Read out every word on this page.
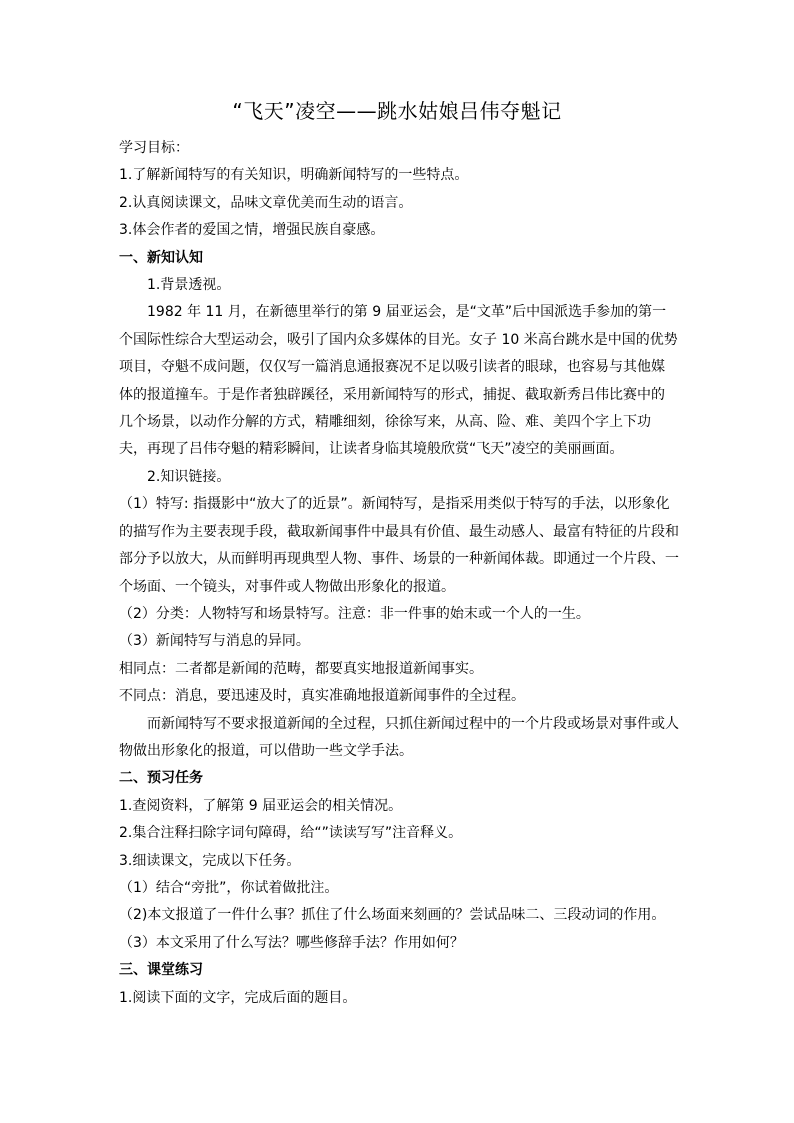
“飞天”凌空——跳水姑娘吕伟夺魁记

学习目标：

1.了解新闻特写的有关知识，明确新闻特写的一些特点。

2.认真阅读课文，品味文章优美而生动的语言。

3.体会作者的爱国之情，增强民族自豪感。

一、新知认知

1.背景透视。

1982 年 11 月，在新德里举行的第 9 届亚运会，是“文革”后中国派选手参加的第一

个国际性综合大型运动会，吸引了国内众多媒体的目光。女子 10 米高台跳水是中国的优势

项目，夺魁不成问题，仅仅写一篇消息通报赛况不足以吸引读者的眼球，也容易与其他媒

体的报道撞车。于是作者独辟蹊径，采用新闻特写的形式，捕捉、截取新秀吕伟比赛中的

几个场景，以动作分解的方式，精雕细刻，徐徐写来，从高、险、难、美四个字上下功

夫，再现了吕伟夺魁的精彩瞬间，让读者身临其境般欣赏“飞天”凌空的美丽画面。

2.知识链接。

（1）特写: 指摄影中“放大了的近景”。新闻特写，是指采用类似于特写的手法，以形象化

的描写作为主要表现手段，截取新闻事件中最具有价值、最生动感人、最富有特征的片段和

部分予以放大，从而鲜明再现典型人物、事件、场景的一种新闻体裁。即通过一个片段、一

个场面、一个镜头，对事件或人物做出形象化的报道。

（2）分类：人物特写和场景特写。注意：非一件事的始末或一个人的一生。

（3）新闻特写与消息的异同。

相同点：二者都是新闻的范畴，都要真实地报道新闻事实。

不同点：消息，要迅速及时，真实准确地报道新闻事件的全过程。

而新闻特写不要求报道新闻的全过程，只抓住新闻过程中的一个片段或场景对事件或人

物做出形象化的报道，可以借助一些文学手法。

二、预习任务

1.查阅资料，了解第 9 届亚运会的相关情况。

2.集合注释扫除字词句障碍，给“”读读写写”注音释义。

3.细读课文，完成以下任务。

（1）结合“旁批”，你试着做批注。

（2)本文报道了一件什么事？抓住了什么场面来刻画的？尝试品味二、三段动词的作用。

（3）本文采用了什么写法？哪些修辞手法？作用如何？

三、课堂练习

1.阅读下面的文字，完成后面的题目。
